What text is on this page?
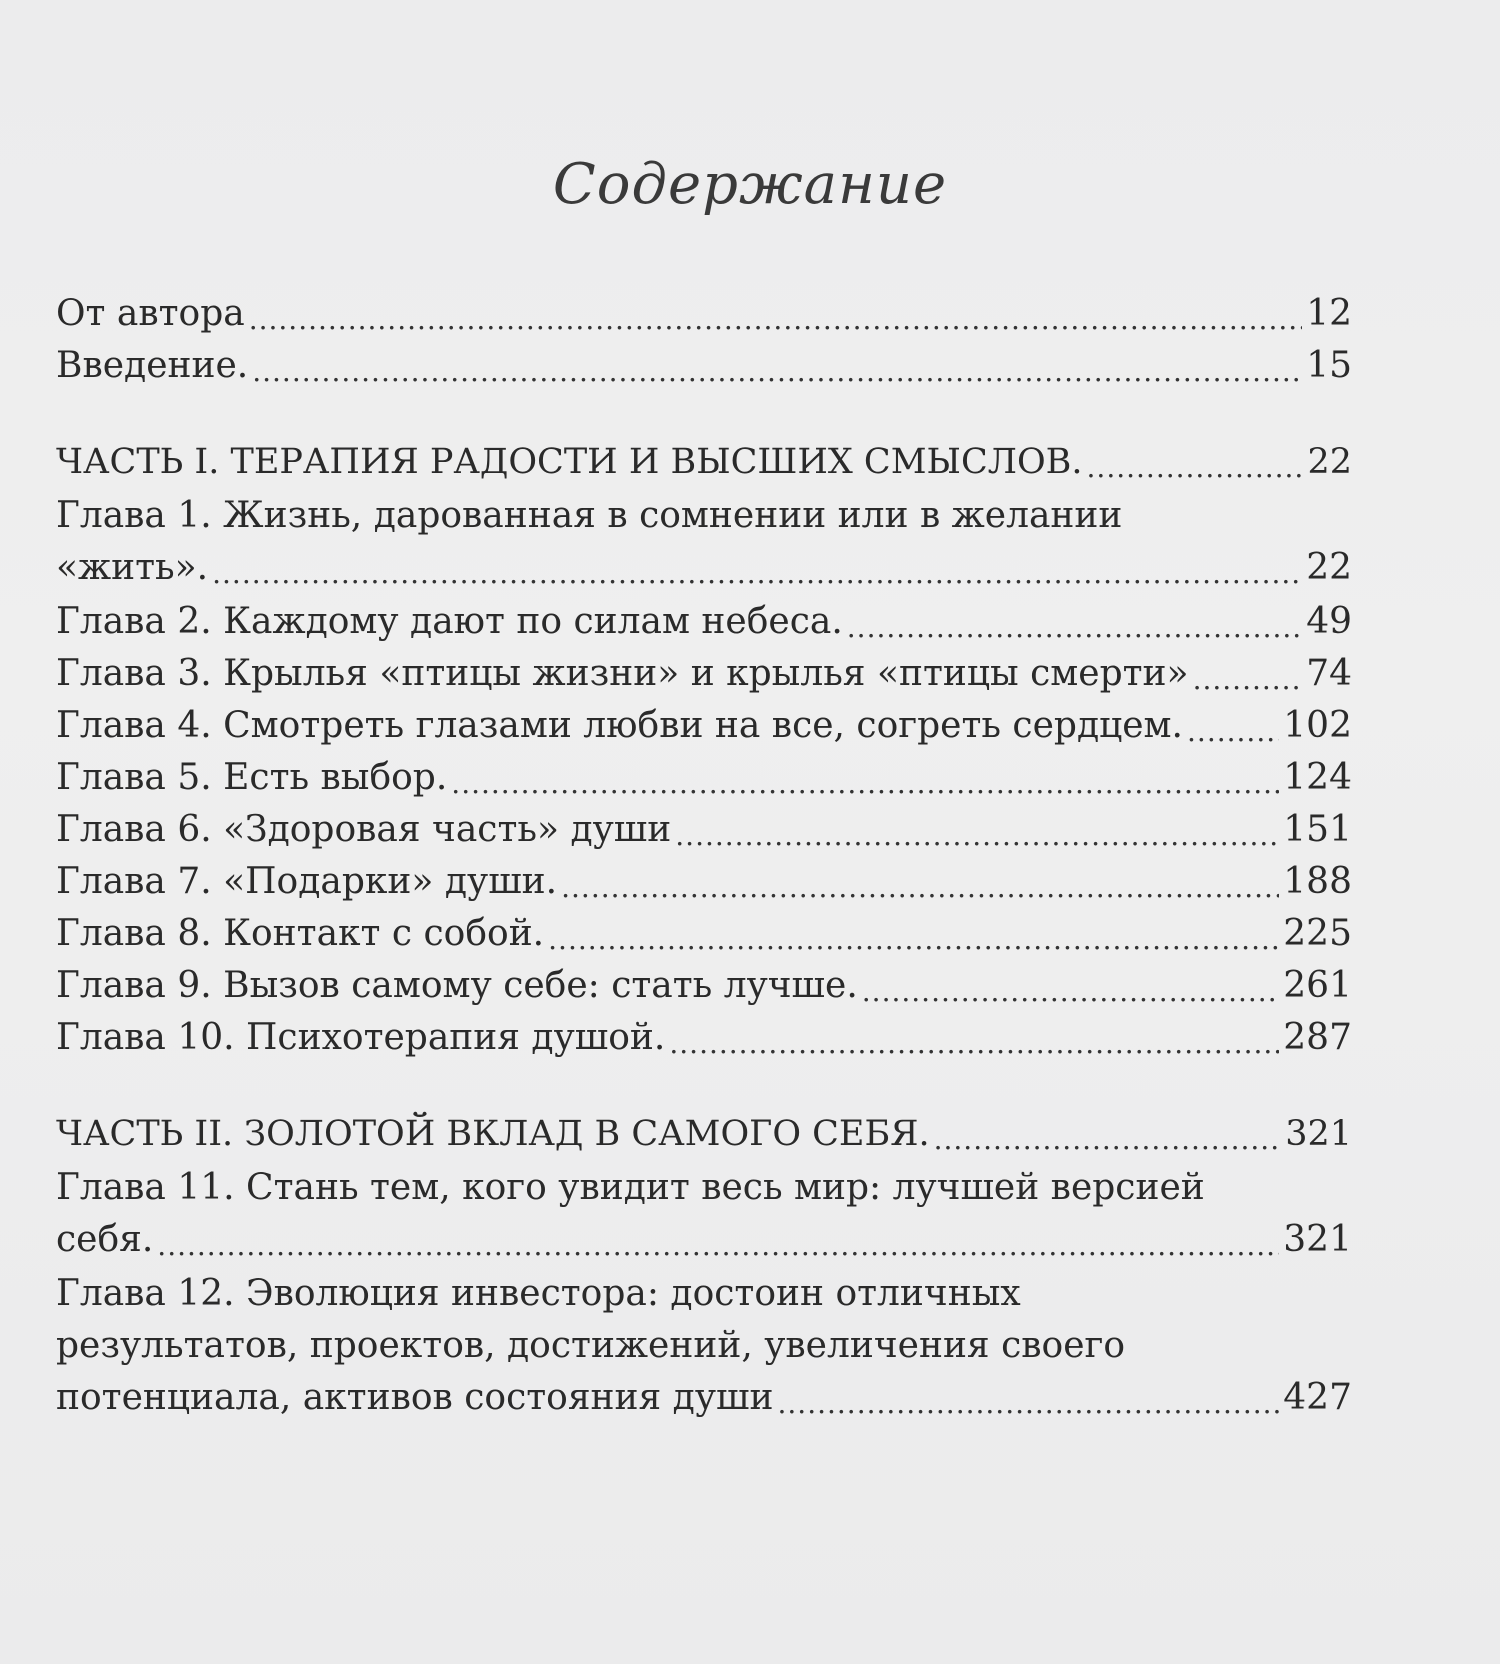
Содержание
От автора .....	12
Введение. .....	15
ЧАСТЬ I. ТЕРАПИЯ РАДОСТИ И ВЫСШИХ СМЫСЛОВ. .....	22
Глава 1. Жизнь, дарованная в сомнении или в желании
«жить». .....	22
Глава 2. Каждому дают по силам небеса. .....	49
Глава 3. Крылья «птицы жизни» и крылья «птицы смерти» .....	74
Глава 4. Смотреть глазами любви на все, согреть сердцем. .....	102
Глава 5. Есть выбор. .....	124
Глава 6. «Здоровая часть» души .....	151
Глава 7. «Подарки» души. .....	188
Глава 8. Контакт с собой. .....	225
Глава 9. Вызов самому себе: стать лучше. .....	261
Глава 10. Психотерапия душой. .....	287
ЧАСТЬ II. ЗОЛОТОЙ ВКЛАД В САМОГО СЕБЯ. .....	321
Глава 11. Стань тем, кого увидит весь мир: лучшей версией
себя. .....	321
Глава 12. Эволюция инвестора: достоин отличных
результатов, проектов, достижений, увеличения своего
потенциала, активов состояния души .....	427
